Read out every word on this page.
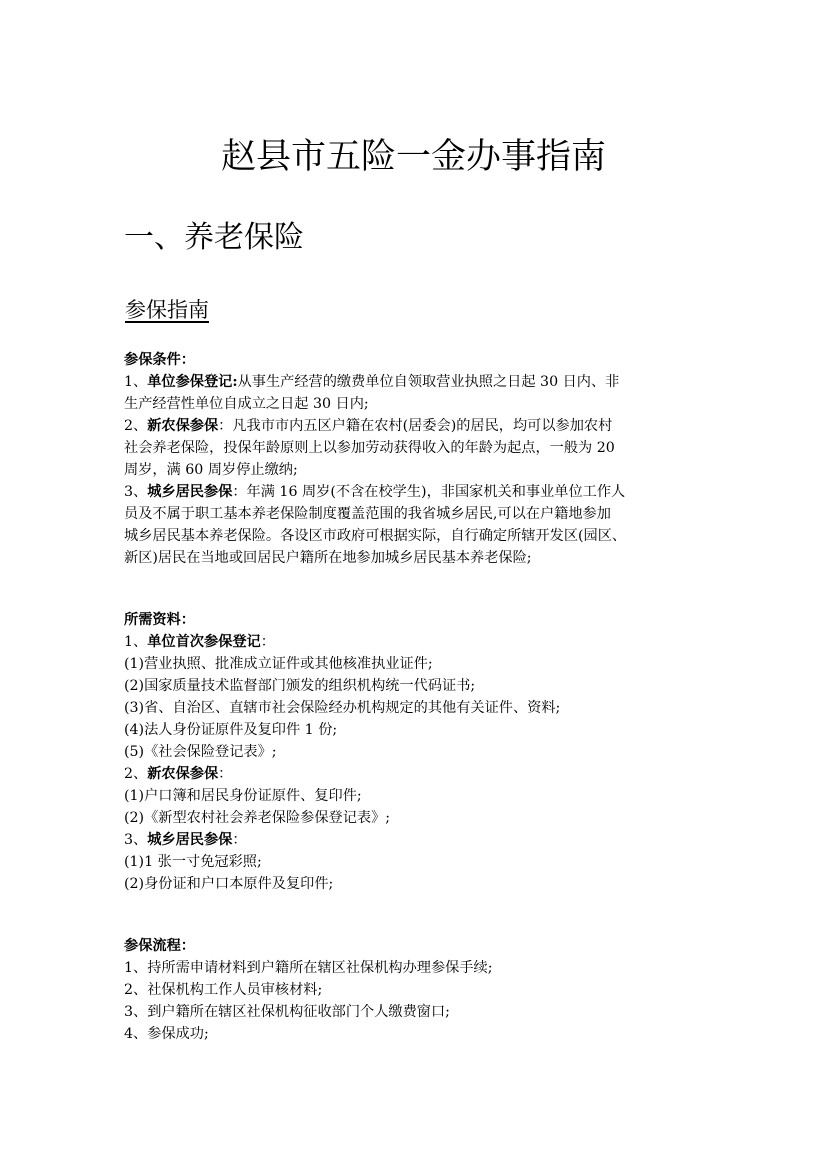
赵县市五险一金办事指南
一、养老保险
参保指南
参保条件：
1、单位参保登记:从事生产经营的缴费单位自领取营业执照之日起 30 日内、非
生产经营性单位自成立之日起 30 日内;
2、新农保参保：凡我市市内五区户籍在农村(居委会)的居民，均可以参加农村
社会养老保险，投保年龄原则上以参加劳动获得收入的年龄为起点，一般为 20
周岁，满 60 周岁停止缴纳;
3、城乡居民参保：年满 16 周岁(不含在校学生)，非国家机关和事业单位工作人
员及不属于职工基本养老保险制度覆盖范围的我省城乡居民,可以在户籍地参加
城乡居民基本养老保险。各设区市政府可根据实际，自行确定所辖开发区(园区、
新区)居民在当地或回居民户籍所在地参加城乡居民基本养老保险;
所需资料：
1、单位首次参保登记：
(1)营业执照、批准成立证件或其他核准执业证件;
(2)国家质量技术监督部门颁发的组织机构统一代码证书;
(3)省、自治区、直辖市社会保险经办机构规定的其他有关证件、资料;
(4)法人身份证原件及复印件 1 份;
(5)《社会保险登记表》;
2、新农保参保：
(1)户口簿和居民身份证原件、复印件;
(2)《新型农村社会养老保险参保登记表》;
3、城乡居民参保：
(1)1 张一寸免冠彩照;
(2)身份证和户口本原件及复印件;
参保流程：
1、持所需申请材料到户籍所在辖区社保机构办理参保手续;
2、社保机构工作人员审核材料;
3、到户籍所在辖区社保机构征收部门个人缴费窗口;
4、参保成功;
